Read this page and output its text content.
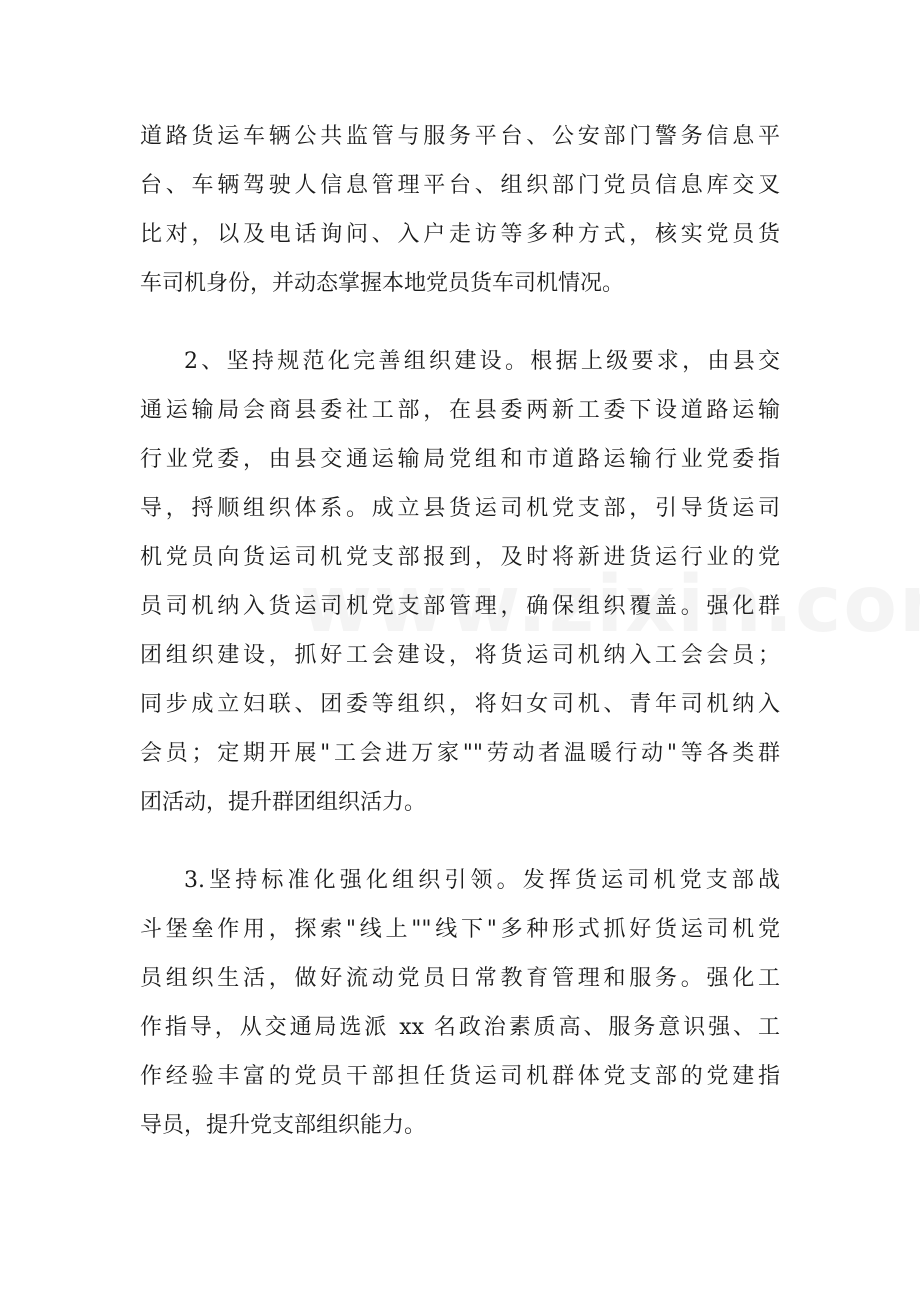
道路货运车辆公共监管与服务平台、公安部门警务信息平
台、车辆驾驶人信息管理平台、组织部门党员信息库交叉
比对，以及电话询问、入户走访等多种方式，核实党员货
车司机身份，并动态掌握本地党员货车司机情况。
2、坚持规范化完善组织建设。根据上级要求，由县交
通运输局会商县委社工部，在县委两新工委下设道路运输
行业党委，由县交通运输局党组和市道路运输行业党委指
导，捋顺组织体系。成立县货运司机党支部，引导货运司
机党员向货运司机党支部报到，及时将新进货运行业的党
员司机纳入货运司机党支部管理，确保组织覆盖。强化群
团组织建设，抓好工会建设，将货运司机纳入工会会员；
同步成立妇联、团委等组织，将妇女司机、青年司机纳入
会员；定期开展"工会进万家""劳动者温暖行动"等各类群
团活动，提升群团组织活力。
3.坚持标准化强化组织引领。发挥货运司机党支部战
斗堡垒作用，探索"线上""线下"多种形式抓好货运司机党
员组织生活，做好流动党员日常教育管理和服务。强化工
作指导，从交通局选派 xx 名政治素质高、服务意识强、工
作经验丰富的党员干部担任货运司机群体党支部的党建指
导员，提升党支部组织能力。
